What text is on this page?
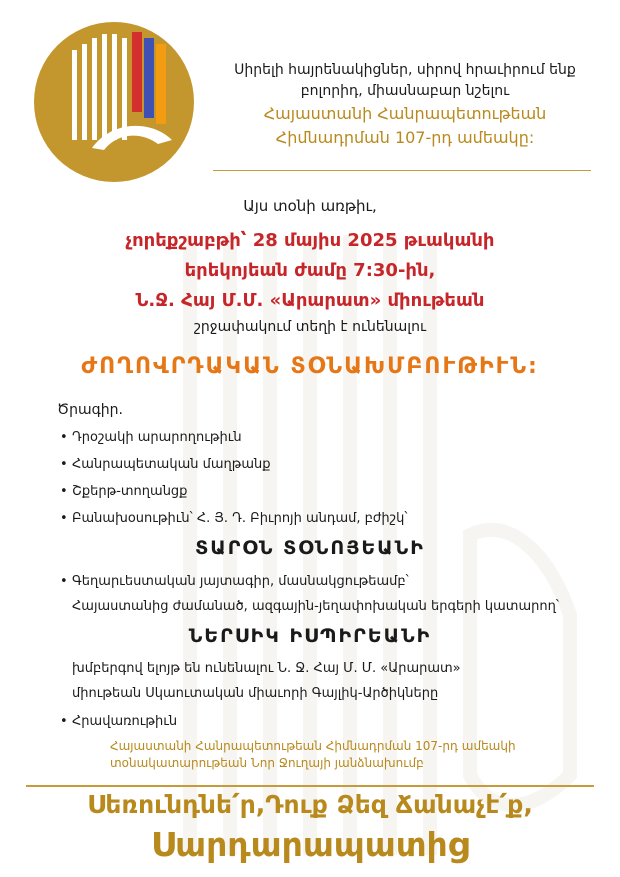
Սիրելի հայրենակիցներ, սիրով հրաւիրում ենք
բոլորիդ, միասնաբար նշելու
Հայաստանի Հանրապետութեան
Հիմնադրման 107-րդ ամեակը:
Այս տօնի առթիւ,
չորեքշաբթի՝ 28 մայիս 2025 թւականի
երեկոյեան ժամը 7:30-ին,
Ն.Ջ. Հայ Մ.Մ. «Արարատ» միութեան
շրջափակում տեղի է ունենալու
ԺՈՂՈՎՐԴԱԿԱՆ ՏՕՆԱԽՄԲՈՒԹԻՒՆ:
Ծրագիր.
• Դրօշակի արարողութիւն
• Հանրապետական մաղթանք
• Շքերթ-տողանցք
• Բանախօսութիւն՝ Հ. Յ. Դ. Բիւրոյի անդամ, բժիշկ՝
ՏԱՐՕՆ ՏՕՆՈՅԵԱՆԻ
• Գեղարւեստական յայտագիր, մասնակցութեամբ՝
Հայաստանից ժամանած, ազգային-յեղափոխական երգերի կատարող՝
ՆԵՐՍԻԿ ԻՍՊԻՐԵԱՆԻ
խմբերգով ելոյթ են ունենալու Ն. Ջ. Հայ Մ. Մ. «Արարատ»
միութեան Սկաուտական միաւորի Գայլիկ-Արծիկները
• Հրավառութիւն
Հայաստանի Հանրապետութեան Հիմնադրման 107-րդ ամեակի
տօնակատարութեան Նոր Ջուղայի յանձնախումբ
Սեռունդնե՛ր,Դուք Ձեզ Ճանաչէ՛ք,
Սարդարապատից
